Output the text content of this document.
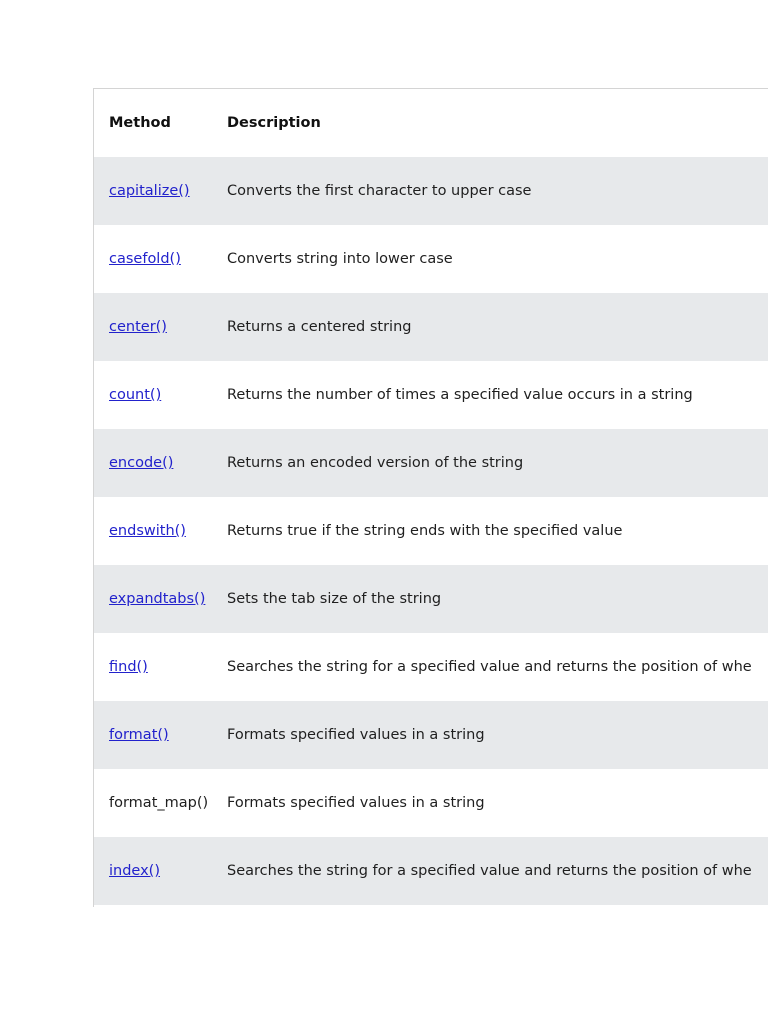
Method	Description
capitalize()	Converts the first character to upper case
casefold()	Converts string into lower case
center()	Returns a centered string
count()	Returns the number of times a specified value occurs in a string
encode()	Returns an encoded version of the string
endswith()	Returns true if the string ends with the specified value
expandtabs()	Sets the tab size of the string
find()	Searches the string for a specified value and returns the position of whe
format()	Formats specified values in a string
format_map()	Formats specified values in a string
index()	Searches the string for a specified value and returns the position of whe
